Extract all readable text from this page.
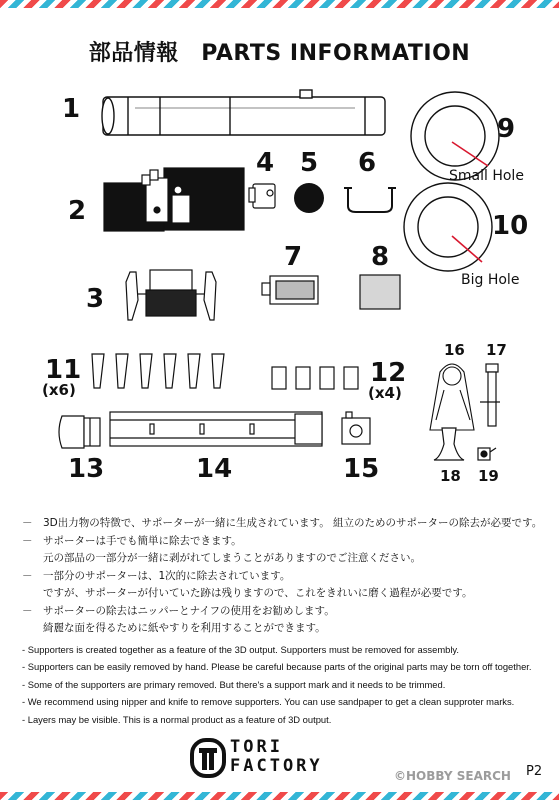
部品情報　PARTS INFORMATION
1
2
3
4 5 6
7	8
9
Small Hole
10
Big Hole
11
(x6)
12
(x4)
13	14	15
16 17
18 19
－　3D出力物の特徴で、サポーターが一緒に生成されています。 組立のためのサポーターの除去が必要です。
－　サポーターは手でも簡単に除去できます。
　　元の部品の一部分が一緒に剥がれてしまうことがありますのでご注意ください。
－　一部分のサポーターは、1次的に除去されています。
　　ですが、サポーターが付いていた跡は残りますので、これをきれいに磨く過程が必要です。
－　サポーターの除去はニッパーとナイフの使用をお勧めします。
　　綺麗な面を得るために紙やすりを利用することができます。
- Supporters is created together as a feature of the 3D output. Supporters must be removed for assembly.
- Supporters can be easily removed by hand. Please be careful because parts of the original parts may be torn off together.
- Some of the supporters are primary removed. But there's a support mark and it needs to be trimmed.
- We recommend using nipper and knife to remove supporters. You can use sandpaper to get a clean supproter marks.
- Layers may be visible. This is a normal product as a feature of 3D output.
TORI
FACTORY	©HOBBY SEARCH P2
